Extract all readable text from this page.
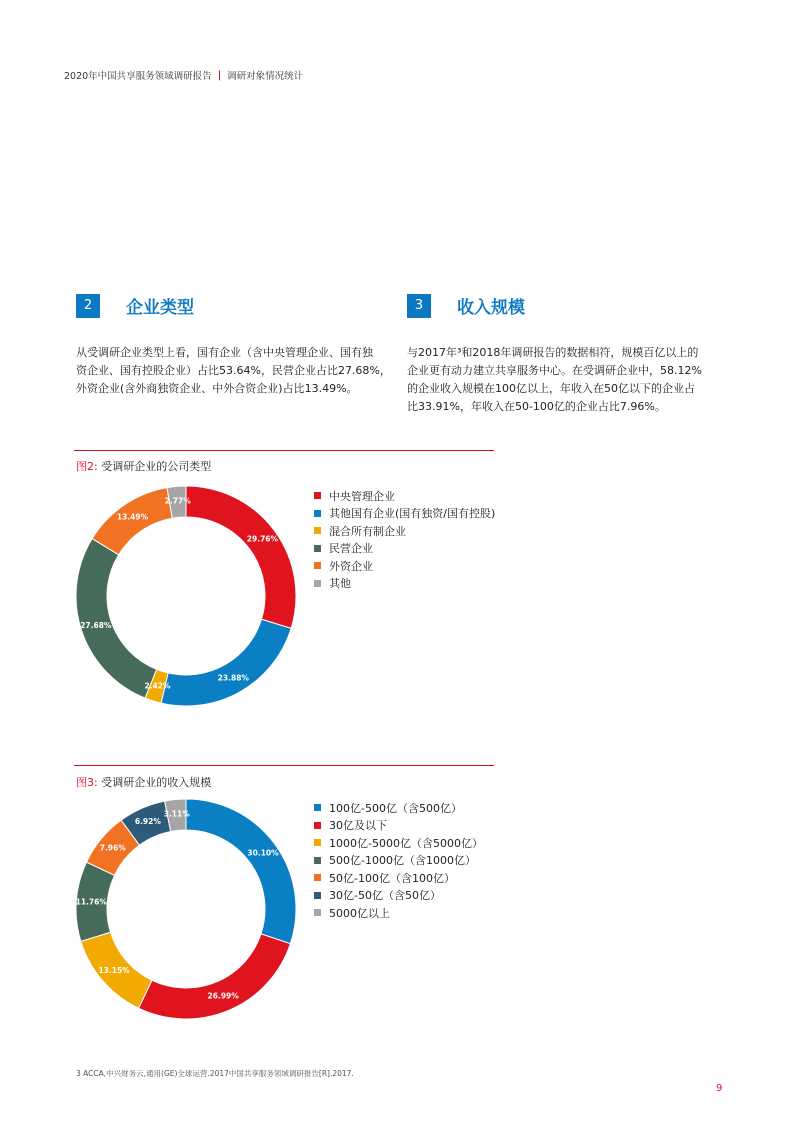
2020年中国共享服务领域调研报告 | 调研对象情况统计
2	企业类型
从受调研企业类型上看，国有企业（含中央管理企业、国有独
资企业、国有控股企业）占比53.64%，民营企业占比27.68%，
外资企业(含外商独资企业、中外合资企业)占比13.49%。
3	收入规模
与2017年³和2018年调研报告的数据相符，规模百亿以上的
企业更有动力建立共享服务中心。在受调研企业中，58.12%
的企业收入规模在100亿以上，年收入在50亿以下的企业占
比33.91%，年收入在50-100亿的企业占比7.96%。
图2: 受调研企业的公司类型
29.76%
23.88%
2.42%
27.68%
13.49%
2.77%	中央管理企业
其他国有企业(国有独资/国有控股)
混合所有制企业
民营企业
外资企业
其他
图3: 受调研企业的收入规模
30.10%
26.99%
13.15%
11.76%
7.96%
6.92%
3.11%	100亿-500亿（含500亿）
30亿及以下
1000亿-5000亿（含5000亿）
500亿-1000亿（含1000亿）
50亿-100亿（含100亿）
30亿-50亿（含50亿）
5000亿以上
3 ACCA,中兴财务云,通用(GE)全球运营.2017中国共享服务领域调研报告[R].2017.
9
